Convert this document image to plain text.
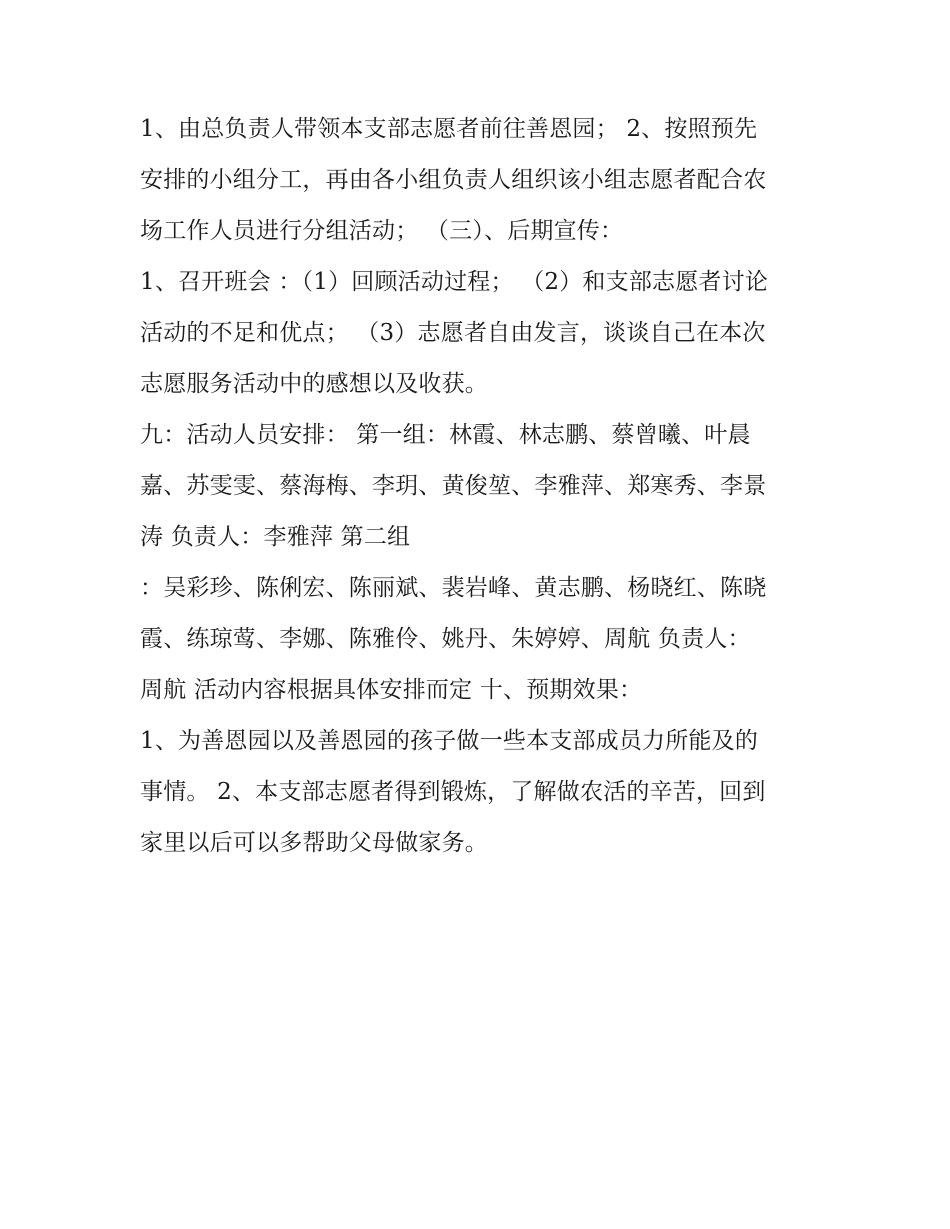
1、由总负责人带领本支部志愿者前往善恩园； 2、按照预先
安排的小组分工，再由各小组负责人组织该小组志愿者配合农
场工作人员进行分组活动； （三）、后期宣传：
1、召开班会 ：（1）回顾活动过程； （2）和支部志愿者讨论
活动的不足和优点； （3）志愿者自由发言，谈谈自己在本次
志愿服务活动中的感想以及收获。
九：活动人员安排： 第一组：林霞、林志鹏、蔡曾曦、叶晨
嘉、苏雯雯、蔡海梅、李玥、黄俊堃、李雅萍、郑寒秀、李景
涛 负责人：李雅萍 第二组
：吴彩珍、陈俐宏、陈丽斌、裴岩峰、黄志鹏、杨晓红、陈晓
霞、练琼莺、李娜、陈雅伶、姚丹、朱婷婷、周航 负责人：
周航 活动内容根据具体安排而定 十、预期效果：
1、为善恩园以及善恩园的孩子做一些本支部成员力所能及的
事情。 2、本支部志愿者得到锻炼，了解做农活的辛苦，回到
家里以后可以多帮助父母做家务。
